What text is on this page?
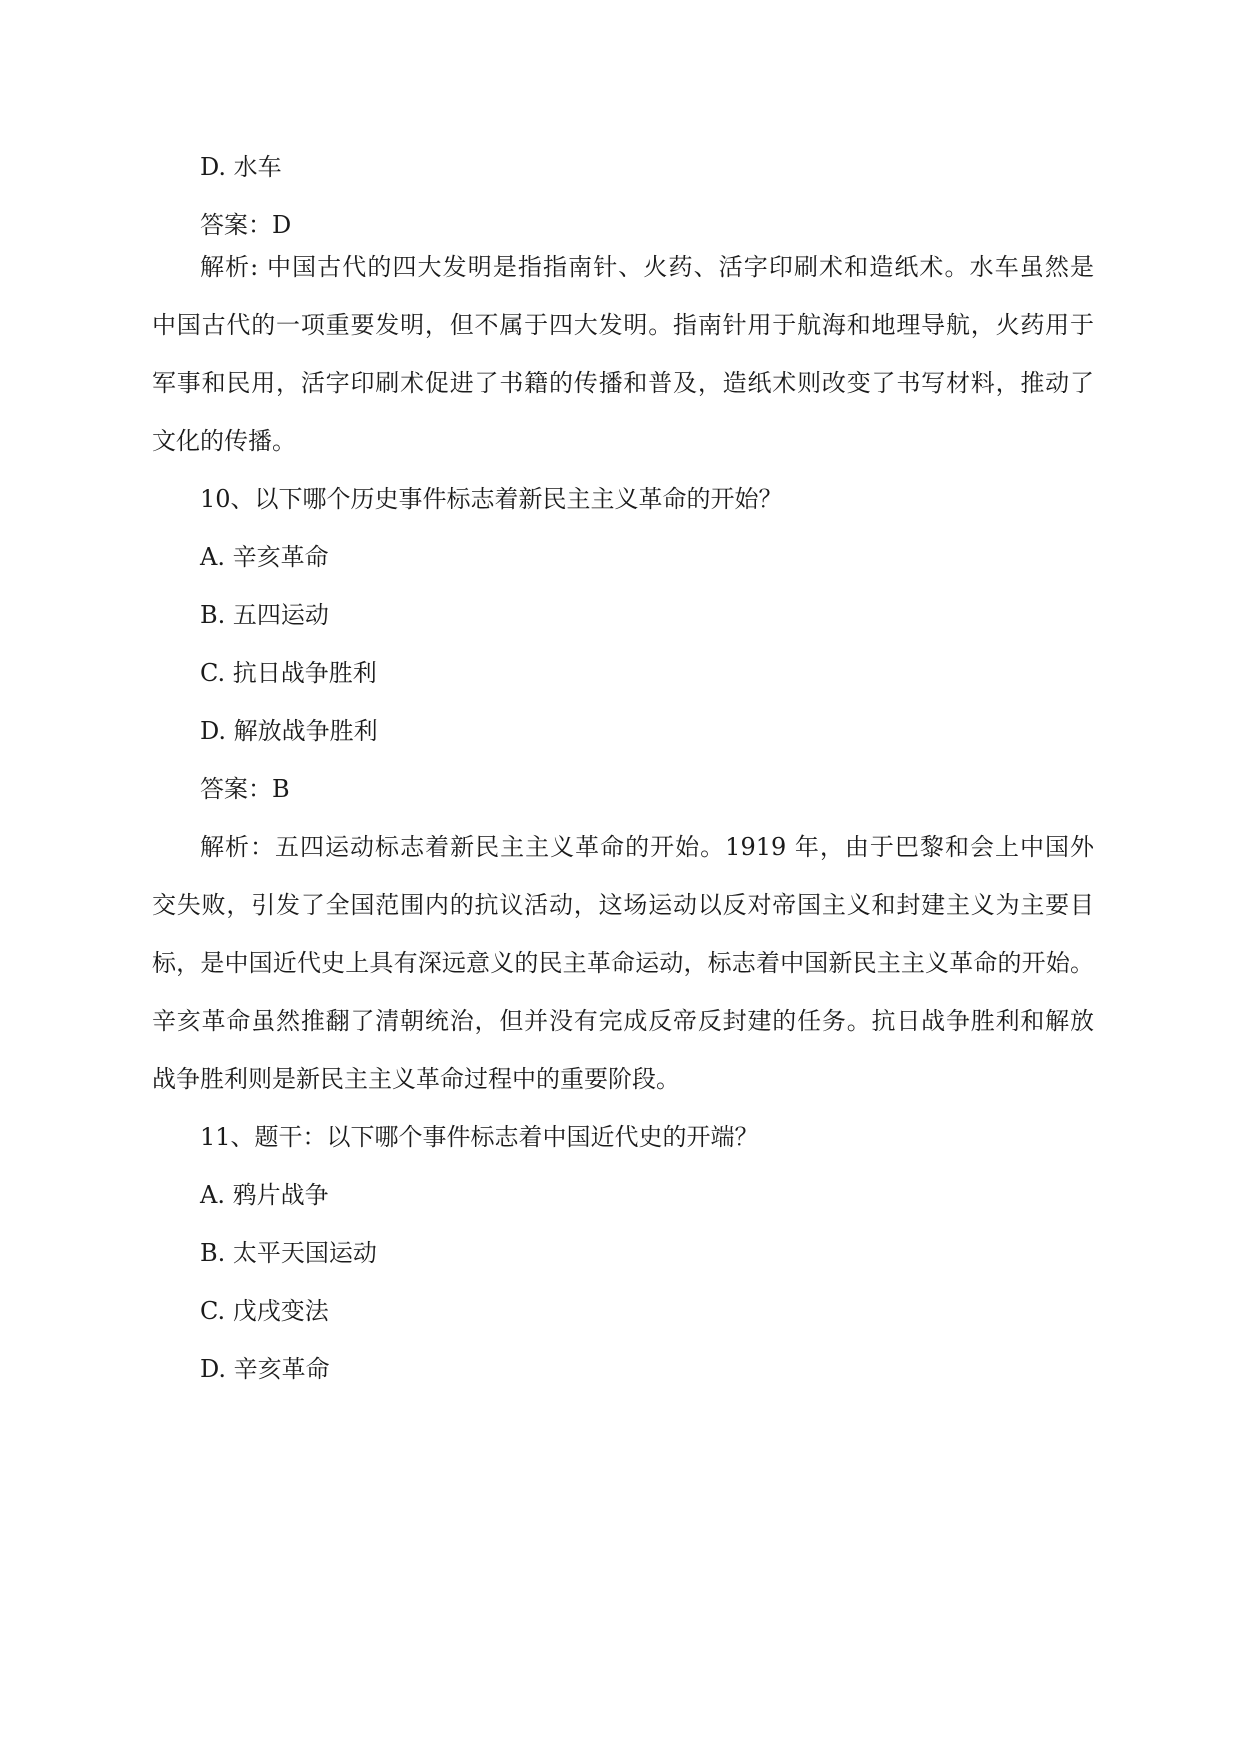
D. 水车
答案：D
解析: 中国古代的四大发明是指指南针、火药、活字印刷术和造纸术。水车虽然是
中国古代的一项重要发明，但不属于四大发明。指南针用于航海和地理导航，火药用于
军事和民用，活字印刷术促进了书籍的传播和普及，造纸术则改变了书写材料，推动了
文化的传播。
10、以下哪个历史事件标志着新民主主义革命的开始？
A. 辛亥革命
B. 五四运动
C. 抗日战争胜利
D. 解放战争胜利
答案：B
解析：五四运动标志着新民主主义革命的开始。1919 年，由于巴黎和会上中国外
交失败，引发了全国范围内的抗议活动，这场运动以反对帝国主义和封建主义为主要目
标，是中国近代史上具有深远意义的民主革命运动，标志着中国新民主主义革命的开始。
辛亥革命虽然推翻了清朝统治，但并没有完成反帝反封建的任务。抗日战争胜利和解放
战争胜利则是新民主主义革命过程中的重要阶段。
11、题干：以下哪个事件标志着中国近代史的开端？
A. 鸦片战争
B. 太平天国运动
C. 戊戌变法
D. 辛亥革命
